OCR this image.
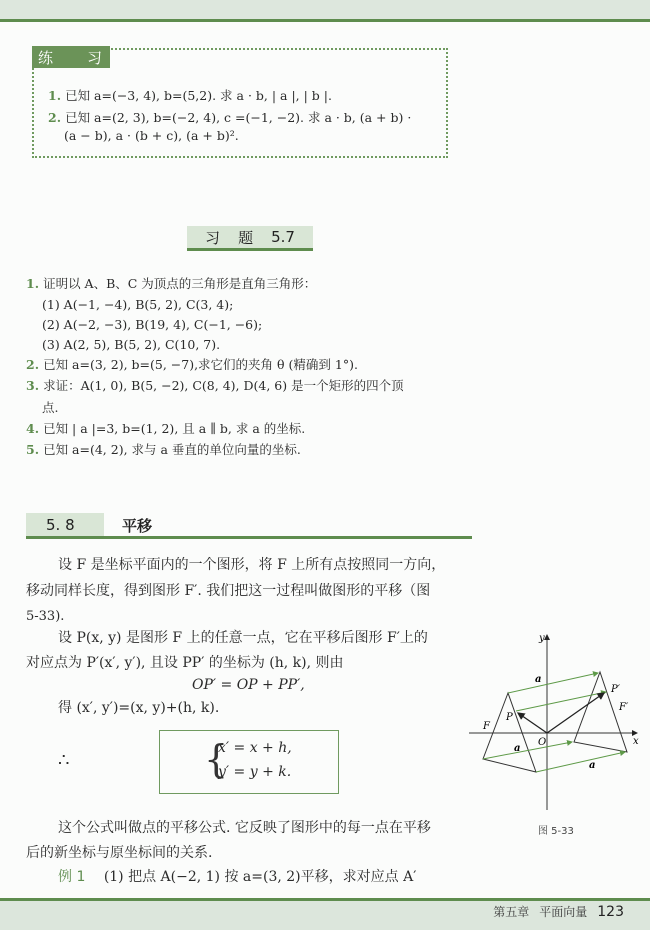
练 习
1. 已知 a=(−3, 4), b=(5,2). 求 a · b, | a |, | b |.
2. 已知 a=(2, 3), b=(−2, 4), c =(−1, −2). 求 a · b, (a + b) ·
(a − b), a · (b + c), (a + b)².
习 题 5.7
1. 证明以 A、B、C 为顶点的三角形是直角三角形：
(1) A(−1, −4), B(5, 2), C(3, 4);
(2) A(−2, −3), B(19, 4), C(−1, −6);
(3) A(2, 5), B(5, 2), C(10, 7).
2. 已知 a=(3, 2), b=(5, −7),求它们的夹角 θ (精确到 1°).
3. 求证：A(1, 0), B(5, −2), C(8, 4), D(4, 6) 是一个矩形的四个顶
点.
4. 已知 | a |=3, b=(1, 2), 且 a ∥ b, 求 a 的坐标.
5. 已知 a=(4, 2), 求与 a 垂直的单位向量的坐标.
5. 8	平移
设 F 是坐标平面内的一个图形，将 F 上所有点按照同一方向，
移动同样长度，得到图形 F′. 我们把这一过程叫做图形的平移（图
5-33).
设 P(x, y) 是图形 F 上的任意一点，它在平移后图形 F′上的
对应点为 P′(x′, y′), 且设 PP′ 的坐标为 (h, k), 则由
OP′ = OP + PP′,
得 (x′, y′)=(x, y)+(h, k).
∴	{
x′ = x + h,
y′ = y + k.
这个公式叫做点的平移公式. 它反映了图形中的每一点在平移
后的新坐标与原坐标间的关系.
例 1 (1) 把点 A(−2, 1) 按 a=(3, 2)平移，求对应点 A′
y
x
O
a
P
P′
F′
F
a
a
图 5-33
第五章 平面向量 123
